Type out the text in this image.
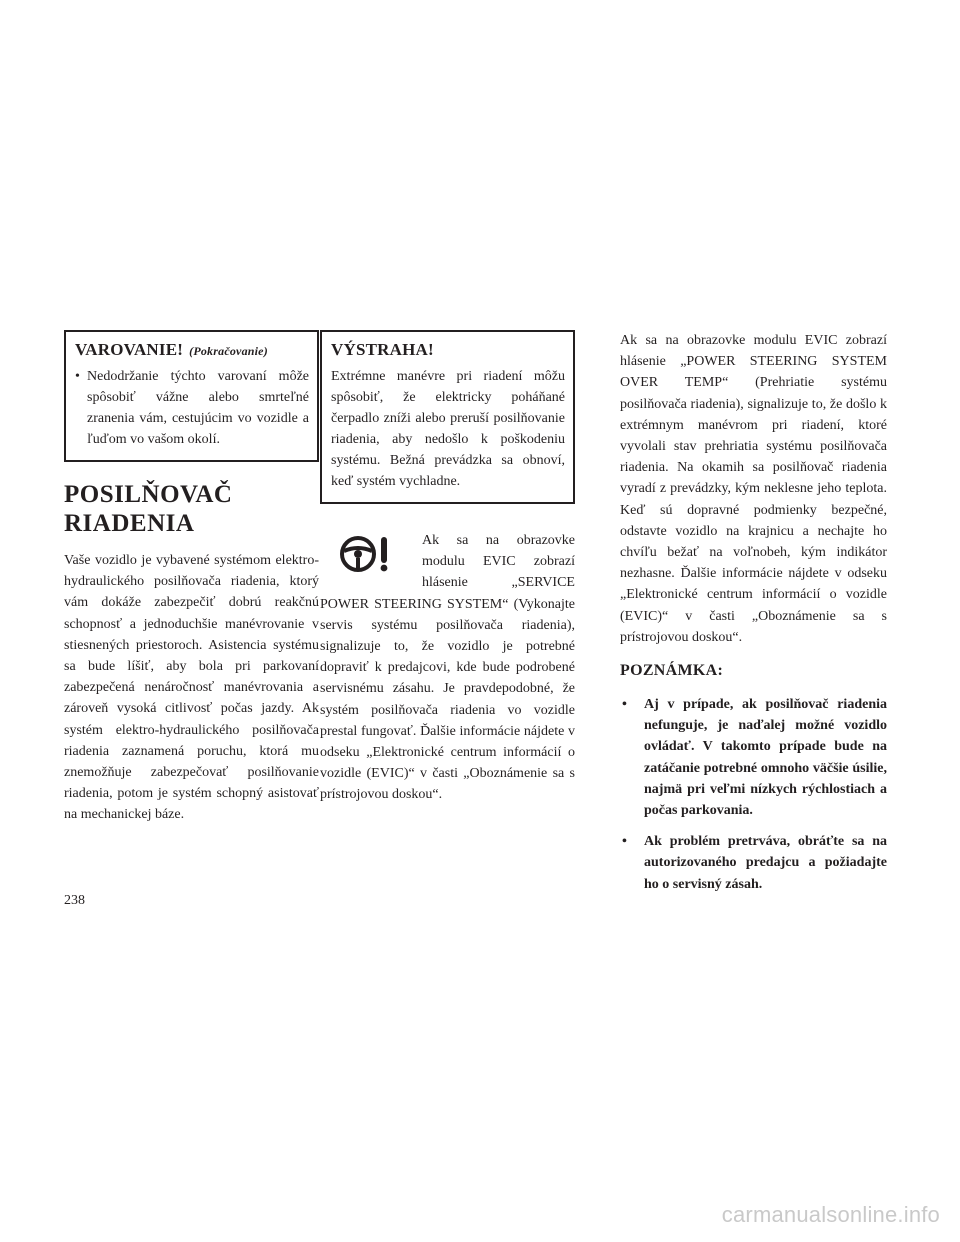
VAROVANIE! (Pokračovanie)
• Nedodržanie týchto varovaní môže spôsobiť vážne alebo smrteľné zranenia vám, cestujúcim vo vozidle a ľuďom vo vašom okolí.
POSILŇOVAČ
RIADENIA

Vaše vozidlo je vybavené systémom elektro-hydraulického posilňovača riadenia, ktorý vám dokáže zabezpečiť dobrú reakčnú schopnosť a jednoduchšie manévrovanie v stiesnených priestoroch. Asistencia systému sa bude líšiť, aby bola pri parkovaní zabezpečená nenáročnosť manévrovania a zároveň vysoká citlivosť počas jazdy. Ak systém elektro-hydraulického posilňovača riadenia zaznamená poruchu, ktorá mu znemožňuje zabezpečovať posilňovanie riadenia, potom je systém schopný asistovať na mechanickej báze.

VÝSTRAHA!
Extrémne manévre pri riadení môžu spôsobiť, že elektricky poháňané čerpadlo zníži alebo preruší posilňovanie riadenia, aby nedošlo k poškodeniu systému. Bežná prevádzka sa obnoví, keď systém vychladne.
Ak sa na obrazovke modulu EVIC zobrazí hlásenie „SERVICE POWER STEERING SYSTEM“ (Vykonajte servis systému posilňovača riadenia), signalizuje to, že vozidlo je potrebné dopraviť k predajcovi, kde bude podrobené servisnému zásahu. Je pravdepodobné, že systém posilňovača riadenia vo vozidle prestal fungovať. Ďalšie informácie nájdete v odseku „Elektronické centrum informácií o vozidle (EVIC)“ v časti „Oboznámenie sa s prístrojovou doskou“.

Ak sa na obrazovke modulu EVIC zobrazí hlásenie „POWER STEERING SYSTEM OVER TEMP“ (Prehriatie systému posilňovača riadenia), signalizuje to, že došlo k extrémnym manévrom pri riadení, ktoré vyvolali stav prehriatia systému posilňovača riadenia. Na okamih sa posilňovač riadenia vyradí z prevádzky, kým neklesne jeho teplota. Keď sú dopravné podmienky bezpečné, odstavte vozidlo na krajnicu a nechajte ho chvíľu bežať na voľnobeh, kým indikátor nezhasne. Ďalšie informácie nájdete v odseku „Elektronické centrum informácií o vozidle (EVIC)“ v časti „Oboznámenie sa s prístrojovou doskou“.

POZNÁMKA:
•	Aj v prípade, ak posilňovač riadenia nefunguje, je naďalej možné vozidlo ovládať. V takomto prípade bude na zatáčanie potrebné omnoho väčšie úsilie, najmä pri veľmi nízkych rýchlostiach a počas parkovania.
•	Ak problém pretrváva, obráťte sa na autorizovaného predajcu a požiadajte ho o servisný zásah.
238
carmanualsonline.info
